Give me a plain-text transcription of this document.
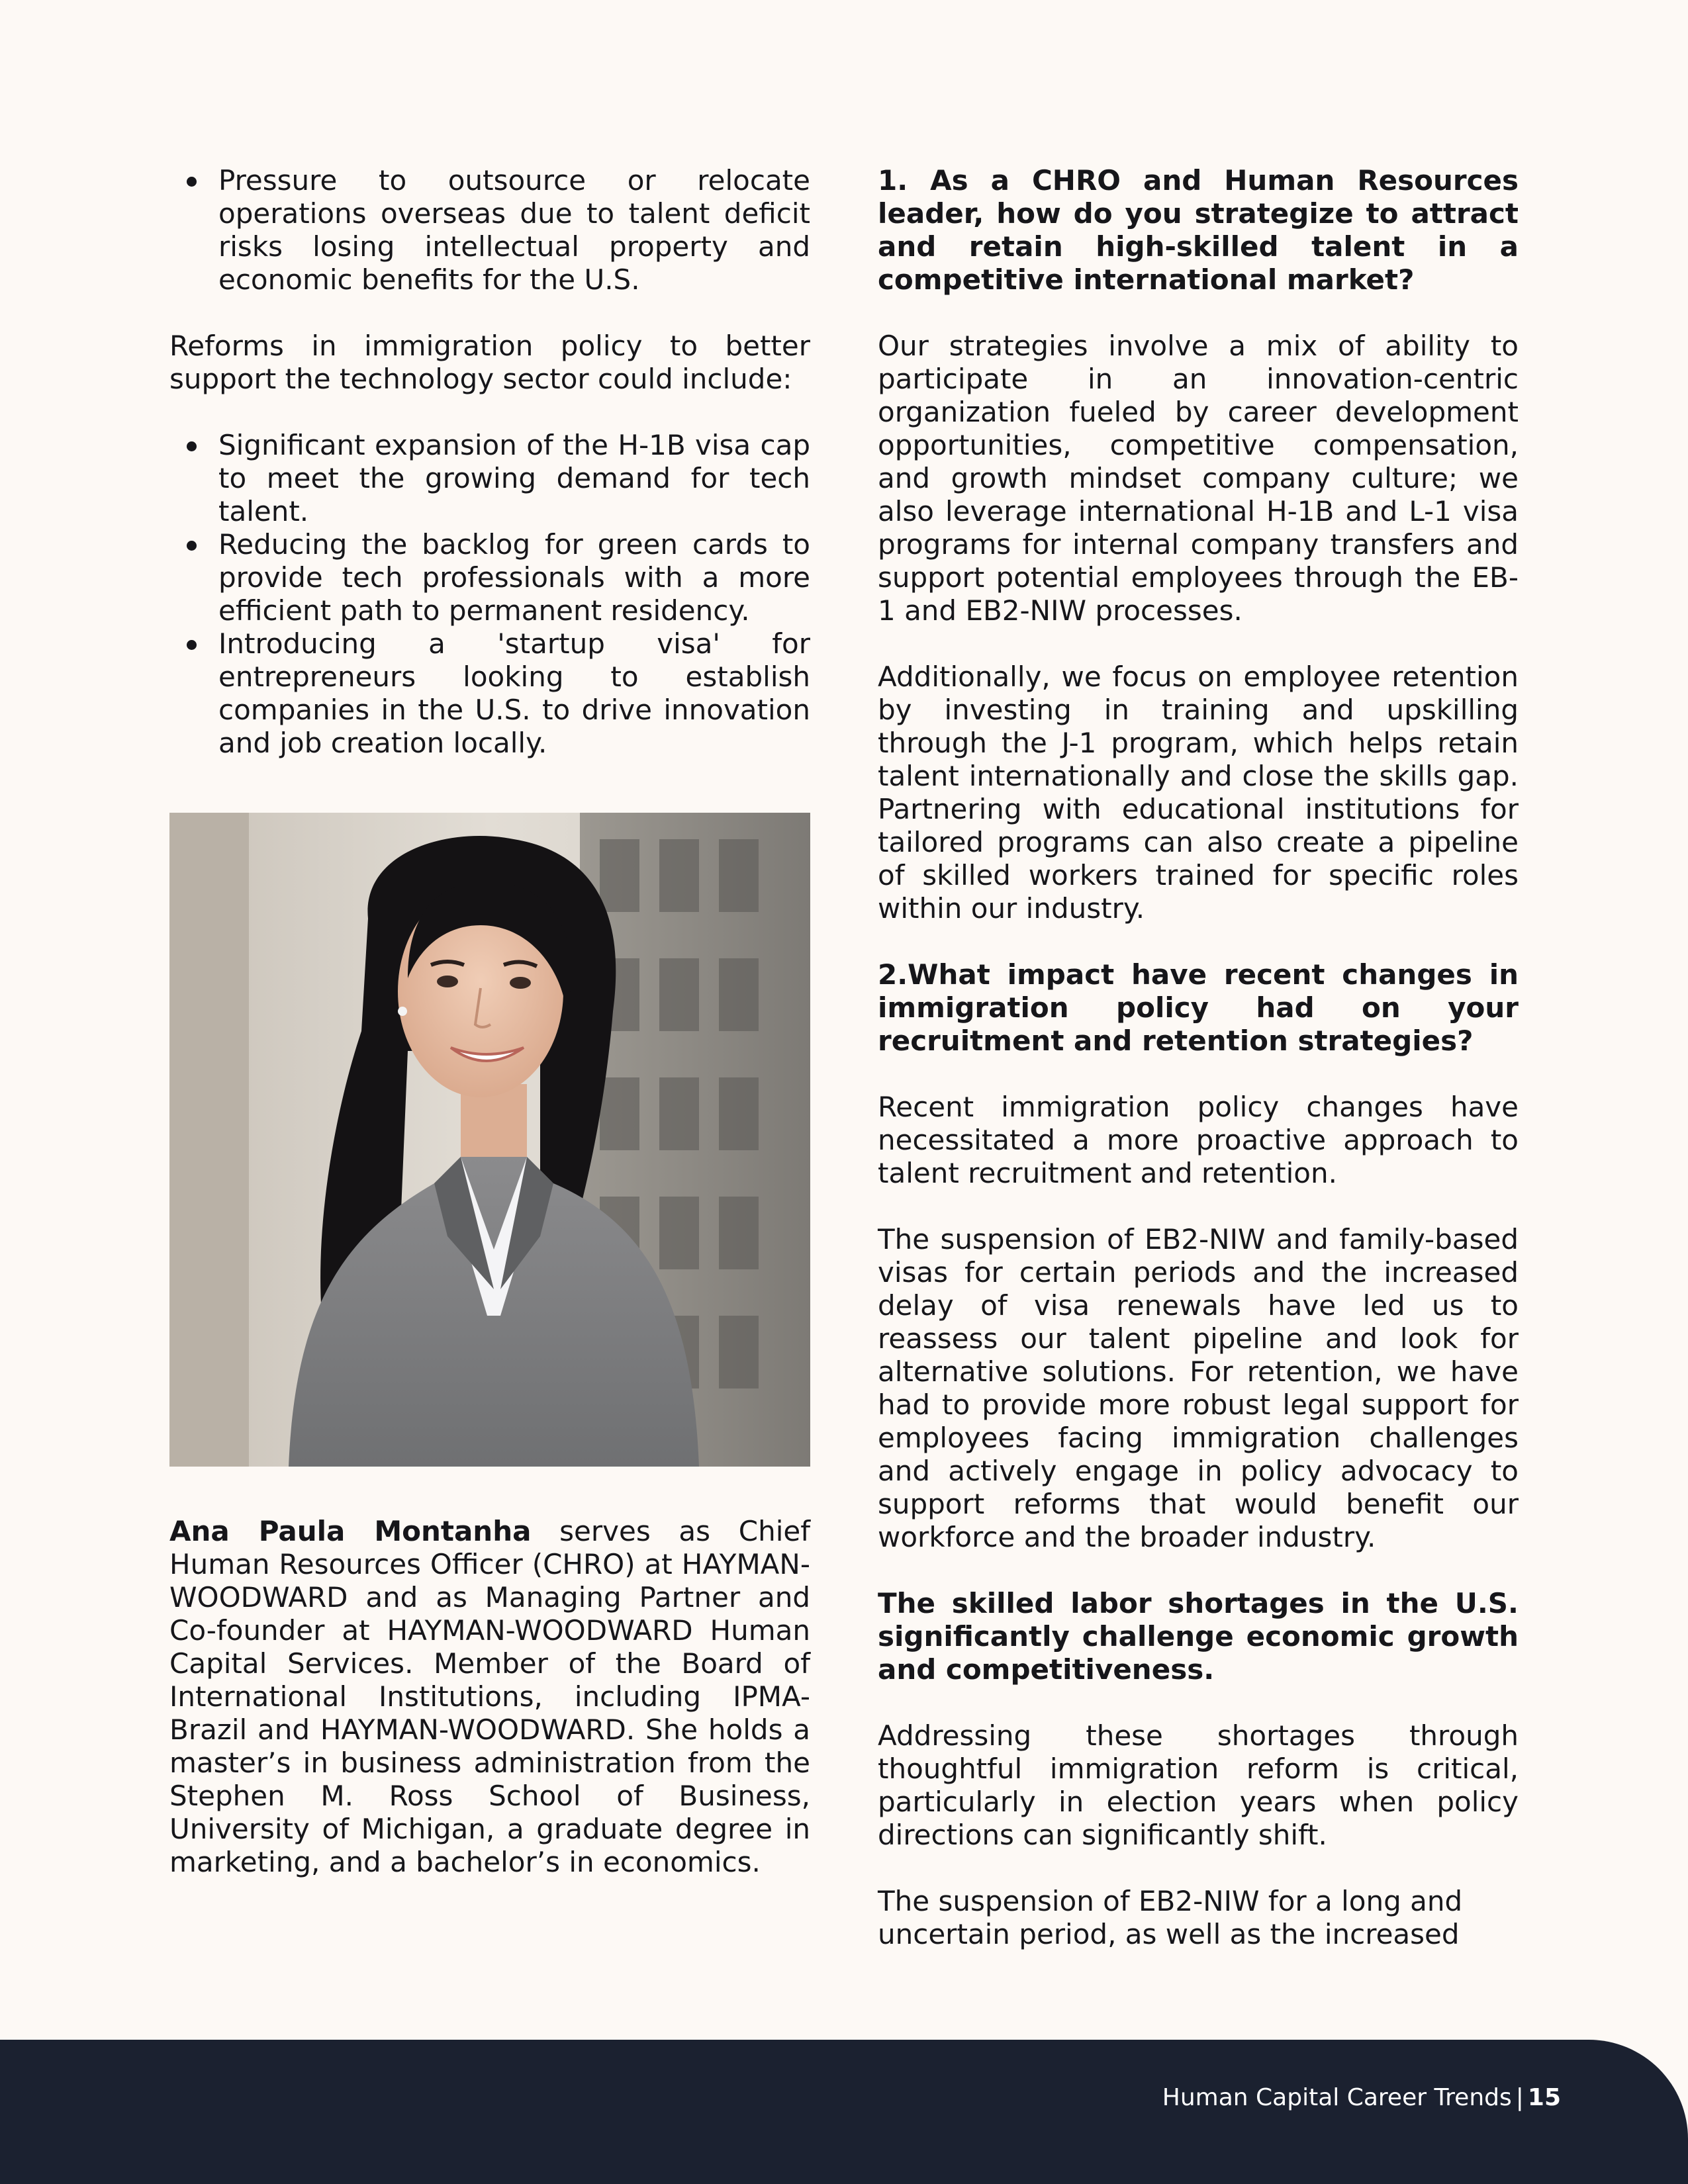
Pressure to outsource or relocate operations overseas due to talent deficit risks losing intellectual property and economic benefits for the U.S.

Reforms in immigration policy to better support the technology sector could include:

Significant expansion of the H-1B visa cap to meet the growing demand for tech talent.
Reducing the backlog for green cards to provide tech professionals with a more efficient path to permanent residency.
Introducing a 'startup visa' for entrepreneurs looking to establish companies in the U.S. to drive innovation and job creation locally.

Ana Paula Montanha serves as Chief Human Resources Officer (CHRO) at HAYMAN-WOODWARD and as Managing Partner and Co-founder at HAYMAN-WOODWARD Human Capital Services. Member of the Board of International Institutions, including IPMA-Brazil and HAYMAN-WOODWARD. She holds a master’s in business administration from the Stephen M. Ross School of Business, University of Michigan, a graduate degree in marketing, and a bachelor’s in economics.

1. As a CHRO and Human Resources leader, how do you strategize to attract and retain high-skilled talent in a competitive international market?

Our strategies involve a mix of ability to participate in an innovation-centric organization fueled by career development opportunities, competitive compensation, and growth mindset company culture; we also leverage international H-1B and L-1 visa programs for internal company transfers and support potential employees through the EB-1 and EB2-NIW processes.

Additionally, we focus on employee retention by investing in training and upskilling through the J-1 program, which helps retain talent internationally and close the skills gap. Partnering with educational institutions for tailored programs can also create a pipeline of skilled workers trained for specific roles within our industry.

2.What impact have recent changes in immigration policy had on your recruitment and retention strategies?

Recent immigration policy changes have necessitated a more proactive approach to talent recruitment and retention.

The suspension of EB2-NIW and family-based visas for certain periods and the increased delay of visa renewals have led us to reassess our talent pipeline and look for alternative solutions. For retention, we have had to provide more robust legal support for employees facing immigration challenges and actively engage in policy advocacy to support reforms that would benefit our workforce and the broader industry.

The skilled labor shortages in the U.S. significantly challenge economic growth and competitiveness.

Addressing these shortages through thoughtful immigration reform is critical, particularly in election years when policy directions can significantly shift.

The suspension of EB2-NIW for a long and uncertain period, as well as the increased

Human Capital Career Trends | 15
